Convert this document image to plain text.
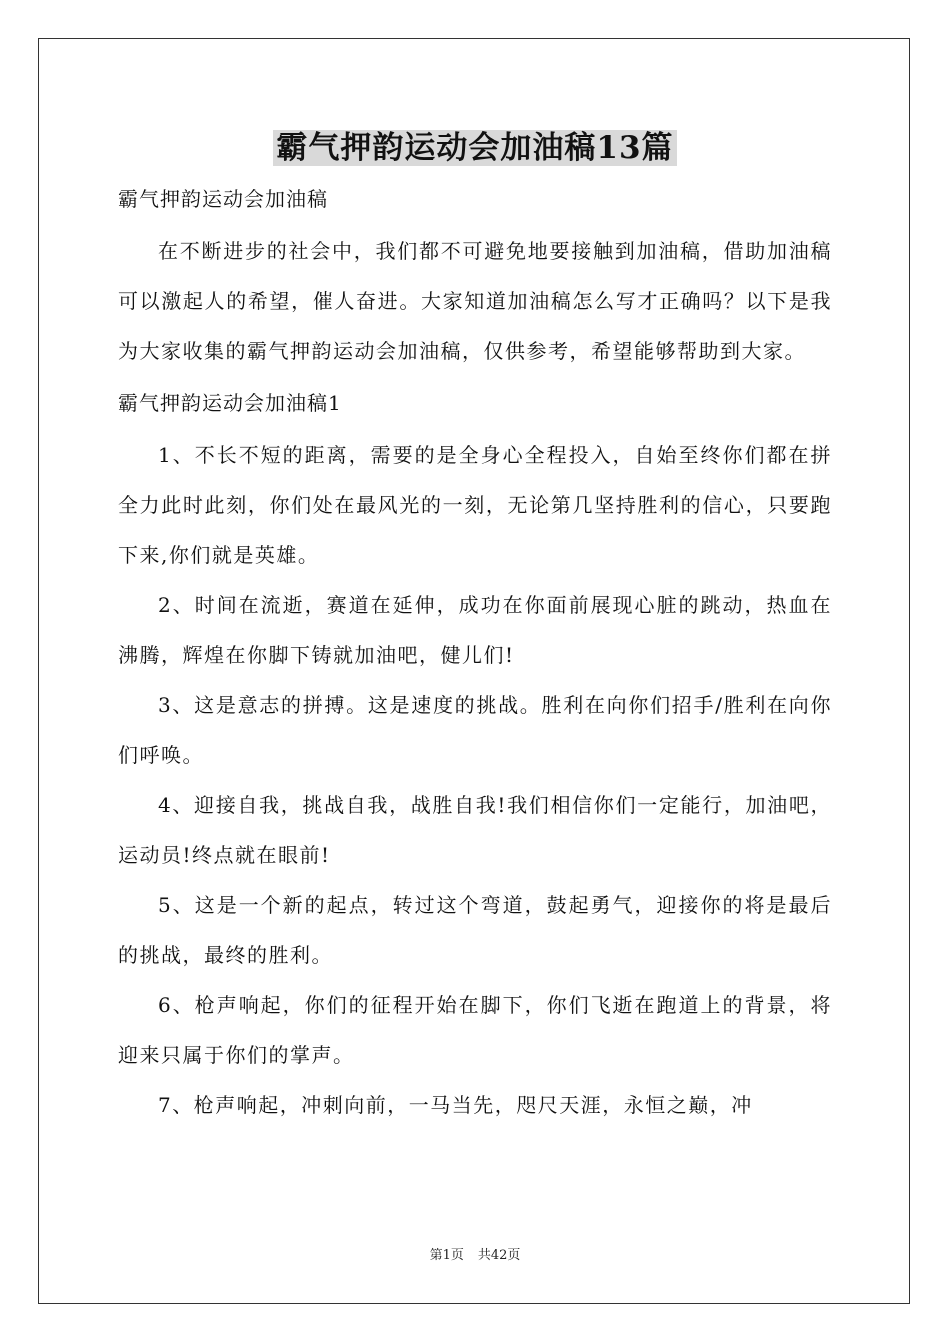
霸气押韵运动会加油稿13篇

霸气押韵运动会加油稿

在不断进步的社会中，我们都不可避免地要接触到加油稿，借助加油稿可以激起人的希望，催人奋进。大家知道加油稿怎么写才正确吗？以下是我为大家收集的霸气押韵运动会加油稿，仅供参考，希望能够帮助到大家。

霸气押韵运动会加油稿1

1、不长不短的距离，需要的是全身心全程投入，自始至终你们都在拼全力此时此刻，你们处在最风光的一刻，无论第几坚持胜利的信心，只要跑下来,你们就是英雄。

2、时间在流逝，赛道在延伸，成功在你面前展现心脏的跳动，热血在沸腾，辉煌在你脚下铸就加油吧，健儿们!

3、这是意志的拼搏。这是速度的挑战。胜利在向你们招手/胜利在向你们呼唤。

4、迎接自我，挑战自我，战胜自我!我们相信你们一定能行，加油吧，运动员!终点就在眼前!

5、这是一个新的起点，转过这个弯道，鼓起勇气，迎接你的将是最后的挑战，最终的胜利。

6、枪声响起，你们的征程开始在脚下，你们飞逝在跑道上的背景，将迎来只属于你们的掌声。

7、枪声响起，冲刺向前，一马当先，咫尺天涯，永恒之巅，冲

第1页 共42页
